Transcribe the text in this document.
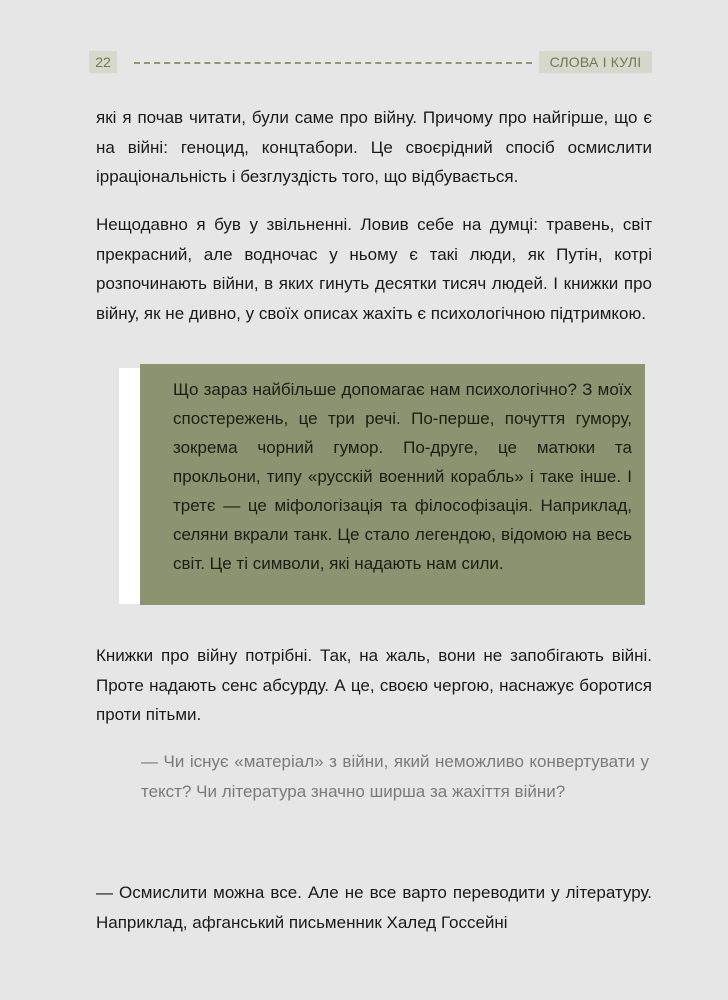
22	СЛОВА І КУЛІ

які я почав читати, були саме про війну. Причому про найгірше, що є на війні: геноцид, концтабори. Це своєрідний спосіб осмислити ірраціональність і безглуздість того, що відбувається.

Нещодавно я був у звільненні. Ловив себе на думці: травень, світ прекрасний, але водночас у ньому є такі люди, як Путін, котрі розпочинають війни, в яких гинуть десятки тисяч людей. І книжки про війну, як не дивно, у своїх описах жахіть є психологічною підтримкою.

Що зараз найбільше допомагає нам психологічно? З моїх спостережень, це три речі. По-перше, почуття гумору, зокрема чорний гумор. По-друге, це матюки та прокльони, типу «русскій военний корабль» і таке інше. І третє — це міфологізація та філософізація. Наприклад, селяни вкрали танк. Це стало легендою, відомою на весь світ. Це ті символи, які надають нам сили.

Книжки про війну потрібні. Так, на жаль, вони не запобігають війні. Проте надають сенс абсурду. А це, своєю чергою, наснажує боротися проти пітьми.

— Чи існує «матеріал» з війни, який неможливо конвертувати у текст? Чи література значно ширша за жахіття війни?

— Осмислити можна все. Але не все варто переводити у літературу. Наприклад, афганський письменник Халед Госсейні
